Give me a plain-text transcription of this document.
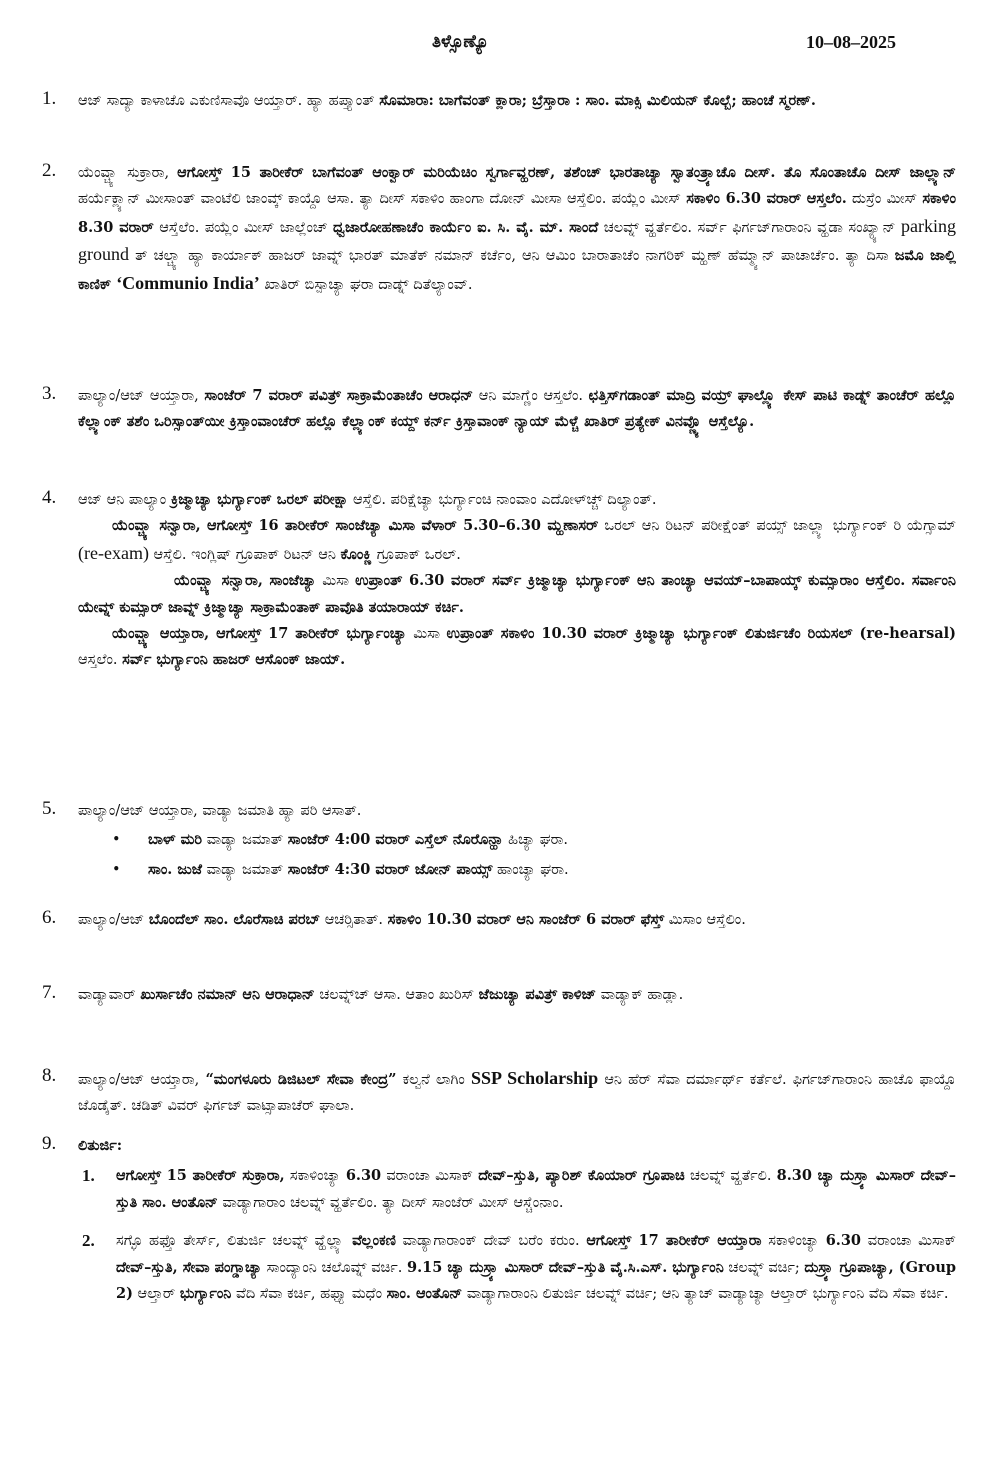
ತಿಳ್ಸೊಣ್ಯೊ	10–08–2025
1. ಆಜ್ ಸಾದ್ಯಾ ಕಾಳಾಚೊ ಎಕುಣಿಸಾವೊ ಆಯ್ತಾರ್. ಹ್ಯಾ ಹಪ್ತ್ಯಾಂತ್ ಸೊಮಾರಾ: ಬಾಗೆವಂತ್ ಕ್ಲಾರಾ; ಬ್ರೆಸ್ತಾರಾ : ಸಾಂ. ಮಾಕ್ಸಿ ಮಿಲಿಯನ್ ಕೊಲ್ಬೆ; ಹಾಂಚೆ ಸ್ಮರಣ್.
2. ಯೆಂವ್ಚ್ಯಾ ಸುಕ್ರಾರಾ, ಆಗೋಸ್ತ್ 15 ತಾರೀಕೆರ್ ಬಾಗೆವಂತ್ ಆಂಕ್ವಾರ್ ಮರಿಯೆಚಿಂ ಸ್ವರ್ಗಾವ್ಹರಣ್, ತಶೆಂಚ್ ಭಾರತಾಚ್ಯಾ ಸ್ವಾತಂತ್ರ್ಯಾಚೊ ದೀಸ್. ತೊ ಸೊಂತಾಚೊ ದೀಸ್ ಜಾಲ್ಲ್ಯಾನ್ ಹರ್ಯೆಕ್ಲ್ಯಾನ್ ಮೀಸಾಂತ್ ವಾಂಟೆಲಿ ಜಾಂವ್ಕ್ ಕಾಯ್ದೊ ಆಸಾ. ತ್ಯಾ ದೀಸ್ ಸಕಾಳಿಂ ಹಾಂಗಾ ದೋನ್ ಮೀಸಾ ಆಸ್ತೆಲಿಂ. ಪಯ್ಲೆಂ ಮೀಸ್ ಸಕಾಳಿಂ 6.30 ವರಾರ್ ಆಸ್ತಲೆಂ. ದುಸ್ರೆಂ ಮೀಸ್ ಸಕಾಳಿಂ 8.30 ವರಾರ್ ಆಸ್ತೆಲೆಂ. ಪಯ್ಲೆಂ ಮೀಸ್ ಜಾಲ್ಲೆಂಚ್ ಧ್ವಜಾರೋಹಣಾಚೆಂ ಕಾರ್ಯೆಂ ಐ. ಸಿ. ವೈ. ಮ್. ಸಾಂದೆ ಚಲವ್ನ್ ವ್ಹರ್ತೆಲಿಂ. ಸರ್ವ್ ಫಿರ್ಗಜ್‌ಗಾರಾಂನಿ ವ್ಹಡಾ ಸಂಖ್ಯ್ಯಾನ್ parking ground ತ್ ಚಲ್ಚ್ಯಾ ಹ್ಯಾ ಕಾರ್ಯಾಕ್ ಹಾಜರ್ ಜಾವ್ನ್ ಭಾರತ್ ಮಾತೆಕ್ ನಮಾನ್ ಕರ್ಚೆಂ, ಆನಿ ಆಮಿಂ ಬಾರಾತಾಚೆಂ ನಾಗರಿಕ್ ಮ್ಹಣ್ ಹೆಮ್ಮ್ಯಾನ್ ಪಾಚಾರ್ಚೆಂ. ತ್ಯಾ ದಿಸಾ ಜಮೊ ಜಾಲ್ಲಿ ಕಾಣಿಕ್ ‘Communio India’ ಖಾತಿರ್ ಬಿಸ್ಪಾಚ್ಯಾ ಘರಾ ದಾಡ್ನ್ ದಿತೆಲ್ಯಾಂವ್.
3. ಪಾಲ್ಯಾಂ/ಆಜ್ ಆಯ್ತಾರಾ, ಸಾಂಜೆರ್ 7 ವರಾರ್ ಪವಿತ್ರ್ ಸಾಕ್ರಾಮೆಂತಾಚೆಂ ಆರಾಧನ್ ಆನಿ ಮಾಗ್ಣೆಂ ಆಸ್ತಲೆಂ. ಛತ್ತಿಸ್‌ಗಡಾಂತ್ ಮಾದ್ರಿ ವಯ್ರ್ ಘಾಲ್ಲ್ಯೊ ಕೇಸ್ ಪಾಟಿ ಕಾಡ್ನ್ ತಾಂಚೆರ್ ಹಲ್ಲೊ ಕೆಲ್ಲ್ಯಾಂಕ್ ತಶೆಂ ಒರಿಸ್ಸಾಂತ್‌ಯೀ ಕ್ರಿಸ್ತಾಂವಾಂಚೆರ್ ಹಲ್ಲೊ ಕೆಲ್ಲ್ಯಾಂಕ್ ಕಯ್ದ್ ಕರ್ನ್ ಕ್ರಿಸ್ತಾವಾಂಕ್ ನ್ಯಾಯ್ ಮೆಳ್ಚೆ ಖಾತಿರ್ ಪ್ರತ್ಯೇಕ್ ವಿನವ್ಣ್ಯೊ ಆಸ್ತೆಲ್ಯೊ.
4. ಆಜ್ ಆನಿ ಪಾಲ್ಯಾಂ ಕ್ರಿಜ್ಮಾಚ್ಯಾ ಭುರ್ಗ್ಯಾಂಕ್ ಒರಲ್ ಪರೀಕ್ಷಾ ಆಸ್ತೆಲಿ. ಪರಿಕ್ಷೆಚ್ಯಾ ಭುರ್ಗ್ಯಾಂಚಿ ನಾಂವಾಂ ಎದೋಳ್‌ಚ್ಚ್ ದಿಲ್ಯಾಂತ್.
ಯೆಂವ್ಚ್ಯಾ ಸನ್ವಾರಾ, ಆಗೋಸ್ತ್ 16 ತಾರೀಕೆರ್ ಸಾಂಜೆಚ್ಯಾ ಮಿಸಾ ವೆಳಾರ್ 5.30–6.30 ಮ್ಹಣಾಸರ್ ಒರಲ್ ಆನಿ ರಿಟನ್ ಪರೀಕ್ಷೆಂತ್ ಪಯ್ಸ್ ಜಾಲ್ಲ್ಯಾ ಭುರ್ಗ್ಯಾಂಕ್ ರಿ ಯೆಗ್ಸಾಮ್ (re-exam) ಆಸ್ತೆಲಿ. ಇಂಗ್ಲಿಷ್ ಗ್ರೂಪಾಕ್ ರಿಟನ್ ಆನಿ ಕೊಂಕ್ಣಿ ಗ್ರೂಪಾಕ್ ಒರಲ್.
ಯೆಂವ್ಚ್ಯಾ ಸನ್ವಾರಾ, ಸಾಂಜೆಚ್ಯಾ ಮಿಸಾ ಉಪ್ರಾಂತ್ 6.30 ವರಾರ್ ಸರ್ವ್ ಕ್ರಿಜ್ಮಾಚ್ಯಾ ಭುರ್ಗ್ಯಾಂಕ್ ಆನಿ ತಾಂಚ್ಯಾ ಆವಯ್–ಬಾಪಾಯ್ಕ್ ಕುಮ್ಸಾರಾಂ ಆಸ್ತೆಲಿಂ. ಸರ್ವಾಂನಿ ಯೇವ್ನ್ ಕುಮ್ಸಾರ್ ಜಾವ್ನ್ ಕ್ರಿಜ್ಮಾಚ್ಯಾ ಸಾಕ್ರಾಮೆಂತಾಕ್ ಪಾವೊತಿ ತಯಾರಾಯ್ ಕರ್ಚಿ.
ಯೆಂವ್ಚ್ಯಾ ಆಯ್ತಾರಾ, ಆಗೋಸ್ತ್ 17 ತಾರೀಕೆರ್ ಭುರ್ಗ್ಯಾಂಚ್ಯಾ ಮಿಸಾ ಉಪ್ರಾಂತ್ ಸಕಾಳಿಂ 10.30 ವರಾರ್ ಕ್ರಿಜ್ಮಾಚ್ಯಾ ಭುರ್ಗ್ಯಾಂಕ್ ಲಿತುರ್ಜಿಚೆಂ ರಿಯಸಲ್ (re-hearsal) ಆಸ್ತಲೆಂ. ಸರ್ವ್ ಭುರ್ಗ್ಯಾಂನಿ ಹಾಜರ್ ಆಸೊಂಕ್ ಜಾಯ್.
5. ಪಾಲ್ಯಾಂ/ಆಜ್ ಆಯ್ತಾರಾ, ವಾಡ್ಯಾ ಜಮಾತಿ ಹ್ಯಾ ಪರಿ ಆಸಾತ್.
• ಬಾಳ್ ಮರಿ ವಾಡ್ಯಾ ಜಮಾತ್ ಸಾಂಜೆರ್ 4:00 ವರಾರ್ ಎಸ್ತೆಲ್ ನೊರೊನ್ಹಾ ಹಿಚ್ಯಾ ಘರಾ.
• ಸಾಂ. ಜುಜೆ ವಾಡ್ಯಾ ಜಮಾತ್ ಸಾಂಜೆರ್ 4:30 ವರಾರ್ ಜೋನ್ ಪಾಯ್ಸ್ ಹಾಂಚ್ಯಾ ಘರಾ.
6. ಪಾಲ್ಯಾಂ/ಆಜ್ ಬೊಂದೆಲ್ ಸಾಂ. ಲೊರೆಸಾಚಿ ಪರಬ್ ಆಚರ್‍ಸಿತಾತ್. ಸಕಾಳಿಂ 10.30 ವರಾರ್ ಆನಿ ಸಾಂಜೆರ್ 6 ವರಾರ್ ಫೆಸ್ತ್ ಮಿಸಾಂ ಆಸ್ತೆಲಿಂ.
7. ವಾಡ್ಯಾವಾರ್ ಖುರ್ಸಾಚೆಂ ನಮಾನ್ ಆನಿ ಆರಾಧಾನ್ ಚಲವ್ನ್‌ಚ್ ಆಸಾ. ಆತಾಂ ಖುರಿಸ್ ಜೆಜುಚ್ಯಾ ಪವಿತ್ರ್ ಕಾಳಿಜ್ ವಾಡ್ಯಾಕ್ ಹಾಡ್ಲಾ.
8. ಪಾಲ್ಯಾಂ/ಆಜ್ ಆಯ್ತಾರಾ, “ಮಂಗಳೂರು ಡಿಜಿಟಲ್ ಸೇವಾ ಕೇಂದ್ರ” ಕಲ್ವನೆ ಲಾಗಿಂ SSP Scholarship ಆನಿ ಹೆರ್ ಸೆವಾ ದರ್ಮಾರ್ಥ್ ಕರ್ತೆಲೆ. ಫಿರ್ಗಜ್‌ಗಾರಾಂನಿ ಹಾಚೊ ಫಾಯ್ದೊ ಜೊಡೈತ್. ಚಡಿತ್ ವಿವರ್ ಫಿರ್ಗಜ್ ವಾಟ್ಸಾಪಾಚೆರ್ ಘಾಲಾ.
9. ಲಿತುರ್ಜಿ:
1. ಆಗೋಸ್ತ್ 15 ತಾರೀಕೆರ್ ಸುಕ್ರಾರಾ, ಸಕಾಳಿಂಚ್ಯಾ 6.30 ವರಾಂಚಾ ಮಿಸಾಕ್ ದೇವ್–ಸ್ತುತಿ, ಪ್ಯಾರಿಶ್ ಕೊಯಾರ್ ಗ್ರೂಪಾಚಿ ಚಲವ್ನ್ ವ್ಹರ್ತೆಲಿ. 8.30 ಚ್ಯಾ ದುಸ್ರ್ಯಾ ಮಿಸಾರ್ ದೇವ್–ಸ್ತುತಿ ಸಾಂ. ಆಂತೊನ್ ವಾಡ್ಯಾಗಾರಾಂ ಚಲವ್ನ್ ವ್ಹರ್ತೆಲಿಂ. ತ್ಯಾ ದೀಸ್ ಸಾಂಜೆರ್ ಮೀಸ್ ಆಸ್ಚೆಂನಾಂ.
2. ಸಗ್ಳೊ ಹಫ್ತೊ ತೇರ್ಸ್, ಲಿತುರ್ಜಿ ಚಲವ್ನ್ ವ್ಹೆಲ್ಲ್ಯಾ ವೆಲ್ಲಂಕಣಿ ವಾಡ್ಯಾಗಾರಾಂಕ್ ದೇವ್ ಬರೆಂ ಕರುಂ. ಆಗೋಸ್ತ್ 17 ತಾರೀಕೆರ್ ಆಯ್ತಾರಾ ಸಕಾಳಿಂಚ್ಯಾ 6.30 ವರಾಂಚಾ ಮಿಸಾಕ್ ದೇವ್–ಸ್ತುತಿ, ಸೇವಾ ಪಂಗ್ಡಾಚ್ಯಾ ಸಾಂದ್ಯಾಂನಿ ಚಲೊವ್ನ್ ವರ್ಚಿ. 9.15 ಚ್ಯಾ ದುಸ್ರ್ಯಾ ಮಿಸಾರ್ ದೇವ್–ಸ್ತುತಿ ವೈ.ಸಿ.ಎಸ್. ಭುರ್ಗ್ಯಾಂನಿ ಚಲವ್ನ್ ವರ್ಚಿ; ದುಸ್ರ್ಯಾ ಗ್ರೂಪಾಚ್ಯಾ, (Group 2) ಆಲ್ತಾರ್ ಭುರ್ಗ್ಯಾಂನಿ ವೆದಿ ಸೆವಾ ಕರ್ಚಿ, ಹಫ್ತ್ಯಾ ಮಧೆಂ ಸಾಂ. ಆಂತೊನ್ ವಾಡ್ಯಾಗಾರಾಂನಿ ಲಿತುರ್ಜಿ ಚಲವ್ನ್ ವರ್ಚಿ; ಆನಿ ತ್ಯಾಚ್ ವಾಡ್ಯಾಚ್ಯಾ ಆಲ್ತಾರ್ ಭುರ್ಗ್ಯಾಂನಿ ವೆದಿ ಸೆವಾ ಕರ್ಚಿ.
